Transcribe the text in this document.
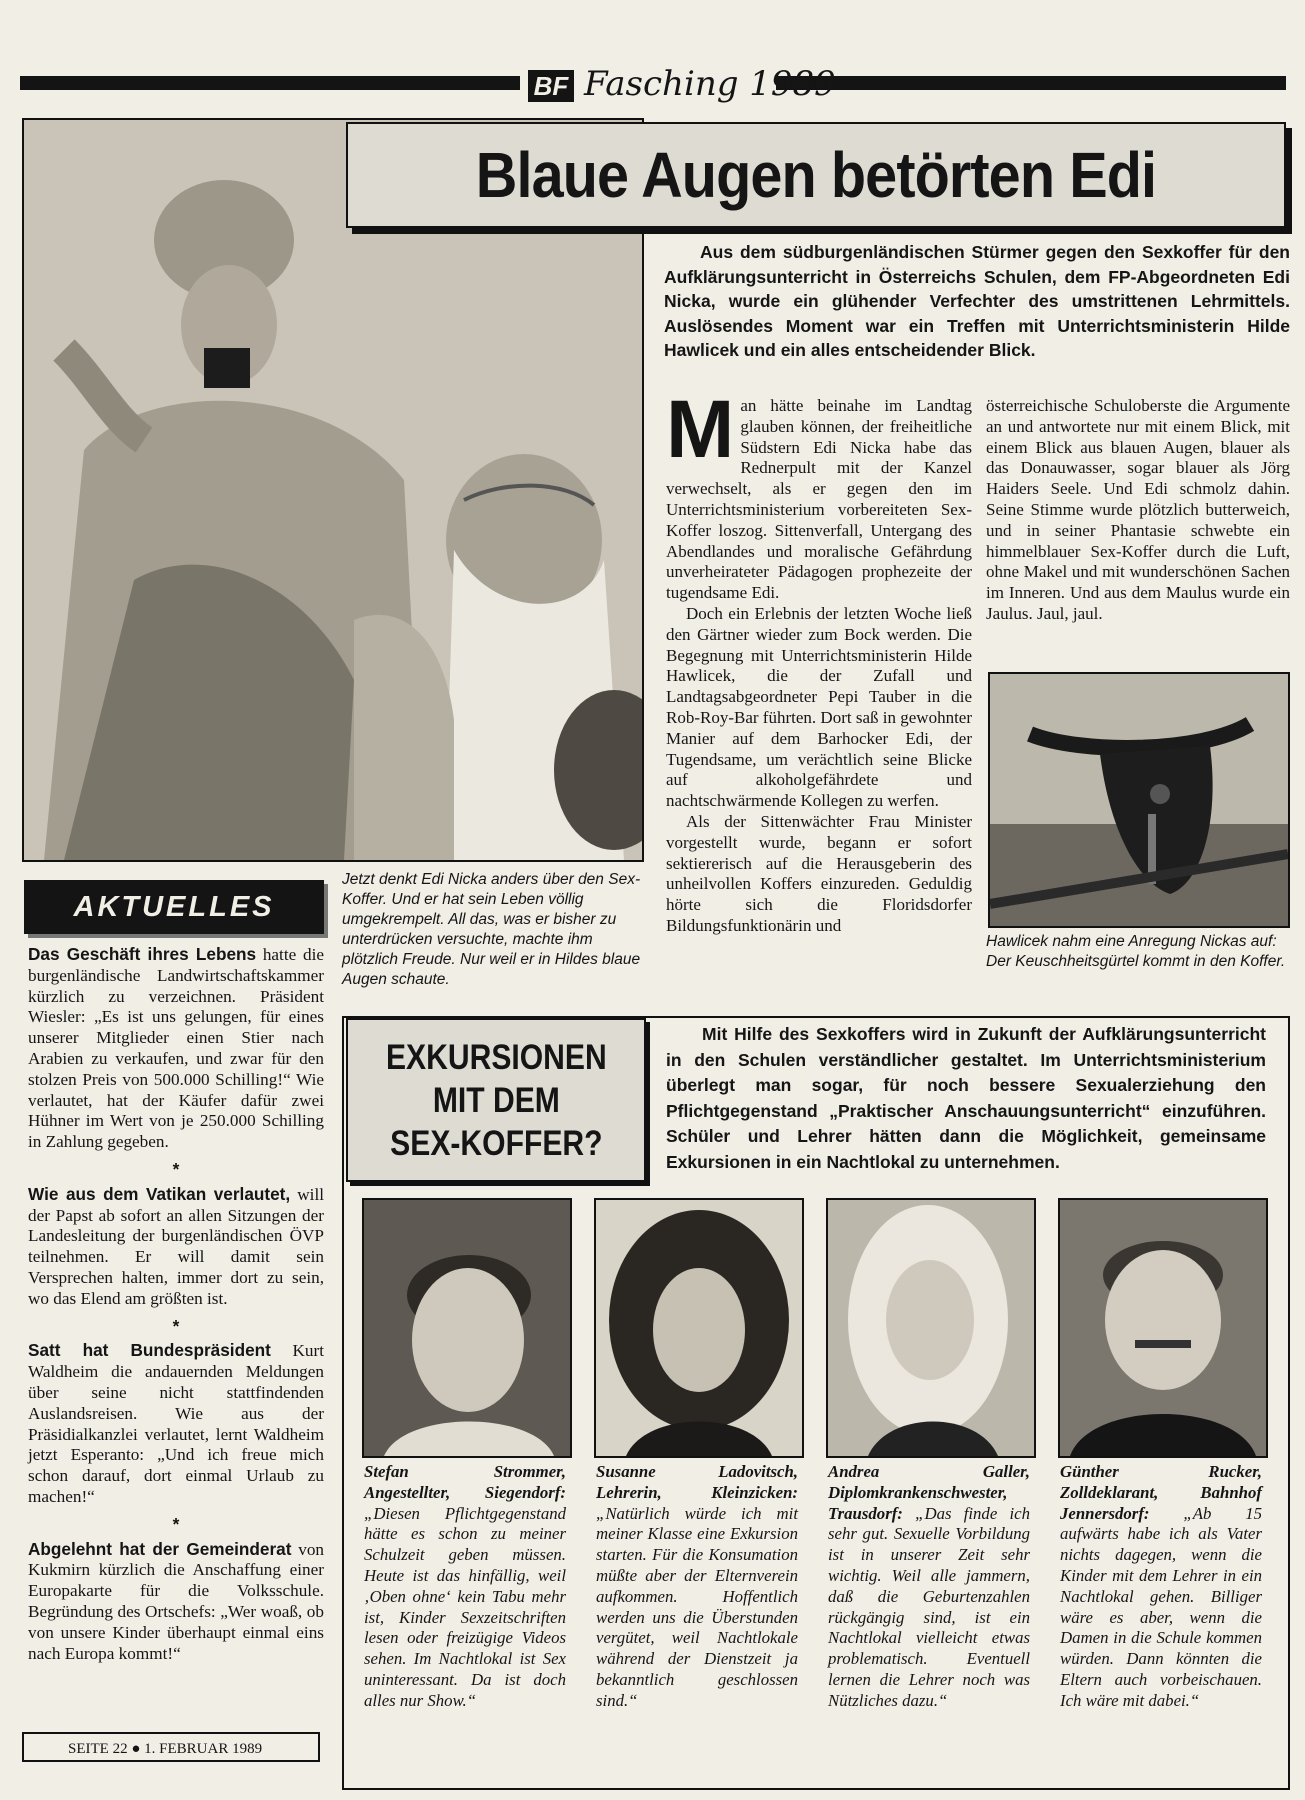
BF Fasching 1989
Blaue Augen betörten Edi
Aus dem südburgenländischen Stürmer gegen den Sexkoffer für den Aufklärungsunterricht in Österreichs Schulen, dem FP-Abgeordneten Edi Nicka, wurde ein glühender Verfechter des umstrittenen Lehrmittels. Auslösendes Moment war ein Treffen mit Unterrichtsministerin Hilde Hawlicek und ein alles entscheidender Blick.

Man hätte beinahe im Landtag glauben können, der freiheitliche Südstern Edi Nicka habe das Rednerpult mit der Kanzel verwechselt, als er gegen den im Unterrichtsministerium vorbereiteten Sex-Koffer loszog. Sittenverfall, Untergang des Abendlandes und moralische Gefährdung unverheirateter Pädagogen prophezeite der tugendsame Edi.

Doch ein Erlebnis der letzten Woche ließ den Gärtner wieder zum Bock werden. Die Begegnung mit Unterrichtsministerin Hilde Hawlicek, die der Zufall und Landtagsabgeordneter Pepi Tauber in die Rob-Roy-Bar führten. Dort saß in gewohnter Manier auf dem Barhocker Edi, der Tugendsame, um verächtlich seine Blicke auf alkoholgefährdete und nachtschwärmende Kollegen zu werfen.

Als der Sittenwächter Frau Minister vorgestellt wurde, begann er sofort sektiererisch auf die Herausgeberin des unheilvollen Koffers einzureden. Geduldig hörte sich die Floridsdorfer Bildungsfunktionärin und

österreichische Schuloberste die Argumente an und antwortete nur mit einem Blick, mit einem Blick aus blauen Augen, blauer als das Donauwasser, sogar blauer als Jörg Haiders Seele. Und Edi schmolz dahin. Seine Stimme wurde plötzlich butterweich, und in seiner Phantasie schwebte ein himmelblauer Sex-Koffer durch die Luft, ohne Makel und mit wunderschönen Sachen im Inneren. Und aus dem Maulus wurde ein Jaulus. Jaul, jaul.

Hawlicek nahm eine Anregung Nickas auf: Der Keuschheitsgürtel kommt in den Koffer.
Jetzt denkt Edi Nicka anders über den Sex-Koffer. Und er hat sein Leben völlig umgekrempelt. All das, was er bisher zu unterdrücken versuchte, machte ihm plötzlich Freude. Nur weil er in Hildes blaue Augen schaute.
AKTUELLES

Das Geschäft ihres Lebens hatte die burgenländische Landwirtschaftskammer kürzlich zu verzeichnen. Präsident Wiesler: „Es ist uns gelungen, für eines unserer Mitglieder einen Stier nach Arabien zu verkaufen, und zwar für den stolzen Preis von 500.000 Schilling!“ Wie verlautet, hat der Käufer dafür zwei Hühner im Wert von je 250.000 Schilling in Zahlung gegeben.

*

Wie aus dem Vatikan verlautet, will der Papst ab sofort an allen Sitzungen der Landesleitung der burgenländischen ÖVP teilnehmen. Er will damit sein Versprechen halten, immer dort zu sein, wo das Elend am größten ist.

*

Satt hat Bundespräsident Kurt Waldheim die andauernden Meldungen über seine nicht stattfindenden Auslandsreisen. Wie aus der Präsidialkanzlei verlautet, lernt Waldheim jetzt Esperanto: „Und ich freue mich schon darauf, dort einmal Urlaub zu machen!“

*

Abgelehnt hat der Gemeinderat von Kukmirn kürzlich die Anschaffung einer Europakarte für die Volksschule. Begründung des Ortschefs: „Wer woaß, ob von unsere Kinder überhaupt einmal eins nach Europa kommt!“

SEITE 22 ● 1. FEBRUAR 1989
EXKURSIONEN
MIT DEM
SEX-KOFFER?
Mit Hilfe des Sexkoffers wird in Zukunft der Aufklärungsunterricht in den Schulen verständlicher gestaltet. Im Unterrichtsministerium überlegt man sogar, für noch bessere Sexualerziehung den Pflichtgegenstand „Praktischer Anschauungsunterricht“ einzuführen. Schüler und Lehrer hätten dann die Möglichkeit, gemeinsame Exkursionen in ein Nachtlokal zu unternehmen.
Stefan Strommer, Angestellter, Siegendorf: „Diesen Pflichtgegenstand hätte es schon zu meiner Schulzeit geben müssen. Heute ist das hinfällig, weil ‚Oben ohne‘ kein Tabu mehr ist, Kinder Sexzeitschriften lesen oder freizügige Videos sehen. Im Nachtlokal ist Sex uninteressant. Da ist doch alles nur Show.“
Susanne Ladovitsch, Lehrerin, Kleinzicken: „Natürlich würde ich mit meiner Klasse eine Exkursion starten. Für die Konsumation müßte aber der Elternverein aufkommen. Hoffentlich werden uns die Überstunden vergütet, weil Nachtlokale während der Dienstzeit ja bekanntlich geschlossen sind.“
Andrea Galler, Diplomkrankenschwester, Trausdorf: „Das finde ich sehr gut. Sexuelle Vorbildung ist in unserer Zeit sehr wichtig. Weil alle jammern, daß die Geburtenzahlen rückgängig sind, ist ein Nachtlokal vielleicht etwas problematisch. Eventuell lernen die Lehrer noch was Nützliches dazu.“
Günther Rucker, Zolldeklarant, Bahnhof Jennersdorf: „Ab 15 aufwärts habe ich als Vater nichts dagegen, wenn die Kinder mit dem Lehrer in ein Nachtlokal gehen. Billiger wäre es aber, wenn die Damen in die Schule kommen würden. Dann könnten die Eltern auch vorbeischauen. Ich wäre mit dabei.“
